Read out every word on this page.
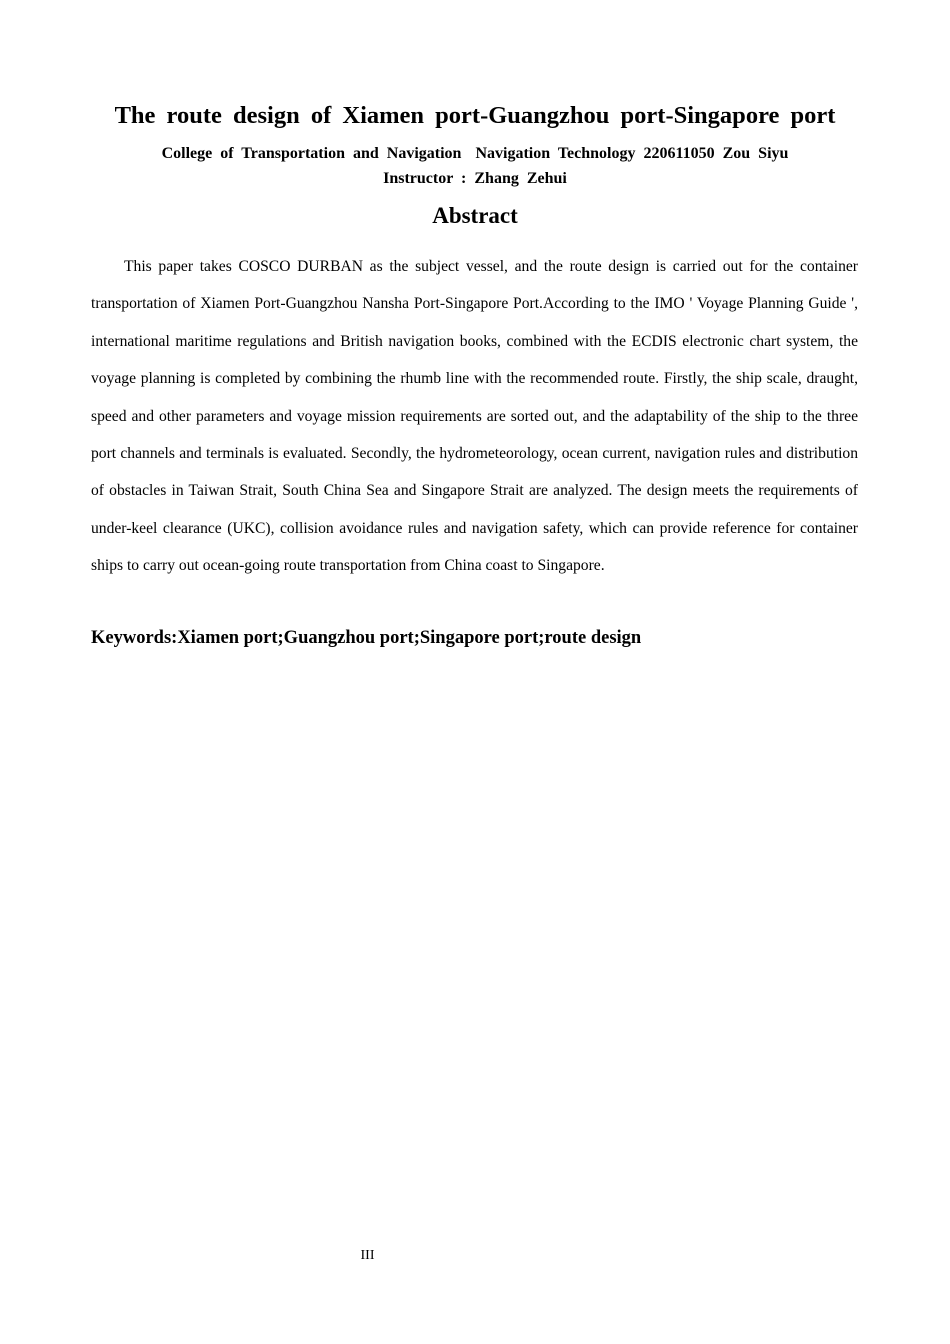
The route design of Xiamen port-Guangzhou port-Singapore port

College of Transportation and Navigation Navigation Technology 220611050 Zou Siyu

Instructor : Zhang Zehui

Abstract

This paper takes COSCO DURBAN as the subject vessel, and the route design is carried out for the container transportation of Xiamen Port-Guangzhou Nansha Port-Singapore Port.According to the IMO ' Voyage Planning Guide ', international maritime regulations and British navigation books, combined with the ECDIS electronic chart system, the voyage planning is completed by combining the rhumb line with the recommended route. Firstly, the ship scale, draught, speed and other parameters and voyage mission requirements are sorted out, and the adaptability of the ship to the three port channels and terminals is evaluated. Secondly, the hydrometeorology, ocean current, navigation rules and distribution of obstacles in Taiwan Strait, South China Sea and Singapore Strait are analyzed. The design meets the requirements of under-keel clearance (UKC), collision avoidance rules and navigation safety, which can provide reference for container ships to carry out ocean-going route transportation from China coast to Singapore.

Keywords:Xiamen port;Guangzhou port;Singapore port;route design

III
